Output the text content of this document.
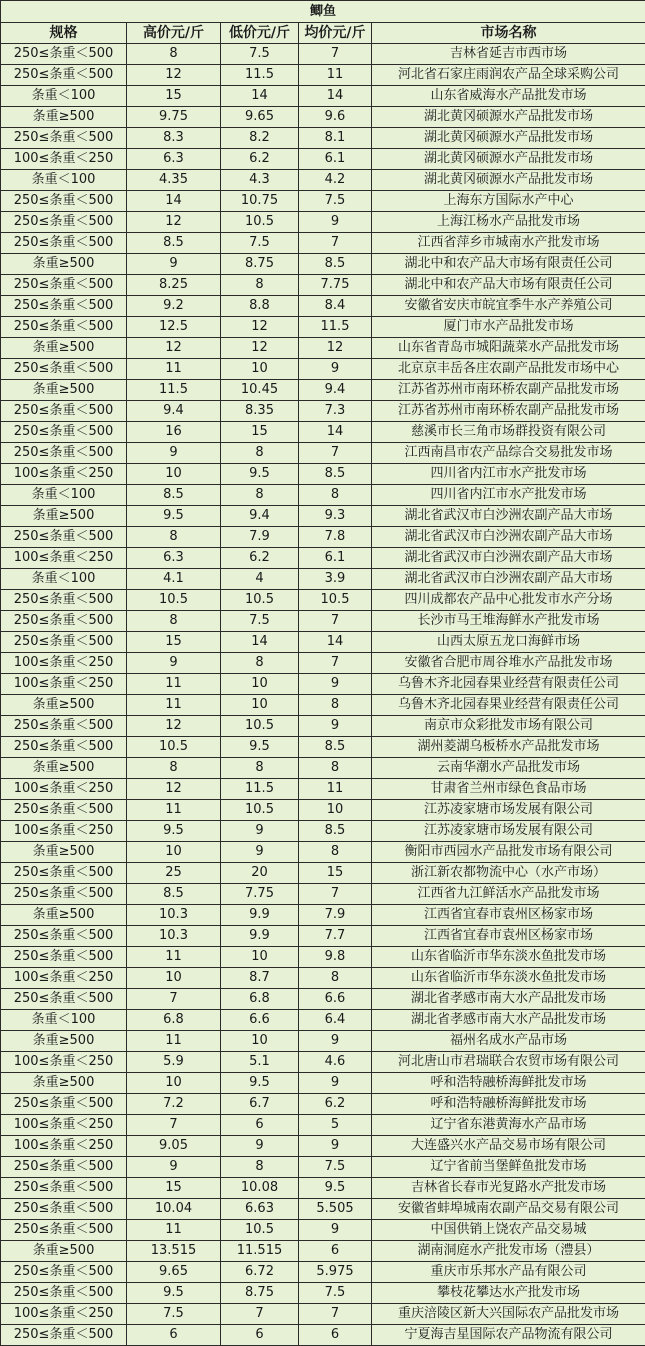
鲫鱼				
规格	高价元/斤	低价元/斤	均价元/斤	市场名称
250≤条重＜500	8	7.5	7	吉林省延吉市西市场
250≤条重＜500	12	11.5	11	河北省石家庄雨润农产品全球采购公司
条重＜100	15	14	14	山东省威海水产品批发市场
条重≥500	9.75	9.65	9.6	湖北黄冈硕源水产品批发市场
250≤条重＜500	8.3	8.2	8.1	湖北黄冈硕源水产品批发市场
100≤条重＜250	6.3	6.2	6.1	湖北黄冈硕源水产品批发市场
条重＜100	4.35	4.3	4.2	湖北黄冈硕源水产品批发市场
250≤条重＜500	14	10.75	7.5	上海东方国际水产中心
250≤条重＜500	12	10.5	9	上海江杨水产品批发市场
250≤条重＜500	8.5	7.5	7	江西省萍乡市城南水产批发市场
条重≥500	9	8.75	8.5	湖北中和农产品大市场有限责任公司
250≤条重＜500	8.25	8	7.75	湖北中和农产品大市场有限责任公司
250≤条重＜500	9.2	8.8	8.4	安徽省安庆市皖宜季牛水产养殖公司
250≤条重＜500	12.5	12	11.5	厦门市水产品批发市场
条重≥500	12	12	12	山东省青岛市城阳蔬菜水产品批发市场
250≤条重＜500	11	10	9	北京京丰岳各庄农副产品批发市场中心
条重≥500	11.5	10.45	9.4	江苏省苏州市南环桥农副产品批发市场
250≤条重＜500	9.4	8.35	7.3	江苏省苏州市南环桥农副产品批发市场
250≤条重＜500	16	15	14	慈溪市长三角市场群投资有限公司
250≤条重＜500	9	8	7	江西南昌市农产品综合交易批发市场
100≤条重＜250	10	9.5	8.5	四川省内江市水产批发市场
条重＜100	8.5	8	8	四川省内江市水产批发市场
条重≥500	9.5	9.4	9.3	湖北省武汉市白沙洲农副产品大市场
250≤条重＜500	8	7.9	7.8	湖北省武汉市白沙洲农副产品大市场
100≤条重＜250	6.3	6.2	6.1	湖北省武汉市白沙洲农副产品大市场
条重＜100	4.1	4	3.9	湖北省武汉市白沙洲农副产品大市场
250≤条重＜500	10.5	10.5	10.5	四川成都农产品中心批发市水产分场
250≤条重＜500	8	7.5	7	长沙市马王堆海鲜水产批发市场
250≤条重＜500	15	14	14	山西太原五龙口海鲜市场
100≤条重＜250	9	8	7	安徽省合肥市周谷堆水产品批发市场
100≤条重＜250	11	10	9	乌鲁木齐北园春果业经营有限责任公司
条重≥500	11	10	8	乌鲁木齐北园春果业经营有限责任公司
250≤条重＜500	12	10.5	9	南京市众彩批发市场有限公司
250≤条重＜500	10.5	9.5	8.5	湖州菱湖乌板桥水产品批发市场
条重≥500	8	8	8	云南华潮水产品批发市场
100≤条重＜250	12	11.5	11	甘肃省兰州市绿色食品市场
250≤条重＜500	11	10.5	10	江苏凌家塘市场发展有限公司
100≤条重＜250	9.5	9	8.5	江苏凌家塘市场发展有限公司
条重≥500	10	9	8	衡阳市西园水产品批发市场有限公司
250≤条重＜500	25	20	15	浙江新农都物流中心（水产市场）
250≤条重＜500	8.5	7.75	7	江西省九江鲜活水产品批发市场
条重≥500	10.3	9.9	7.9	江西省宜春市袁州区杨家市场
250≤条重＜500	10.3	9.9	7.7	江西省宜春市袁州区杨家市场
250≤条重＜500	11	10	9.8	山东省临沂市华东淡水鱼批发市场
100≤条重＜250	10	8.7	8	山东省临沂市华东淡水鱼批发市场
250≤条重＜500	7	6.8	6.6	湖北省孝感市南大水产品批发市场
条重＜100	6.8	6.6	6.4	湖北省孝感市南大水产品批发市场
条重≥500	11	10	9	福州名成水产品市场
100≤条重＜250	5.9	5.1	4.6	河北唐山市君瑞联合农贸市场有限公司
条重≥500	10	9.5	9	呼和浩特融桥海鲜批发市场
250≤条重＜500	7.2	6.7	6.2	呼和浩特融桥海鲜批发市场
100≤条重＜250	7	6	5	辽宁省东港黄海水产品市场
100≤条重＜250	9.05	9	9	大连盛兴水产品交易市场有限公司
250≤条重＜500	9	8	7.5	辽宁省前当堡鲜鱼批发市场
250≤条重＜500	15	10.08	9.5	吉林省长春市光复路水产批发市场
250≤条重＜500	10.04	6.63	5.505	安徽省蚌埠城南农副产品交易有限公司
250≤条重＜500	11	10.5	9	中国供销上饶农产品交易城
条重≥500	13.515	11.515	6	湖南洞庭水产批发市场（澧县）
250≤条重＜500	9.65	6.72	5.975	重庆市乐邦水产品有限公司
250≤条重＜500	9.5	8.75	7.5	攀枝花攀达水产批发市场
100≤条重＜250	7.5	7	7	重庆涪陵区新大兴国际农产品批发市场
250≤条重＜500	6	6	6	宁夏海吉星国际农产品物流有限公司
